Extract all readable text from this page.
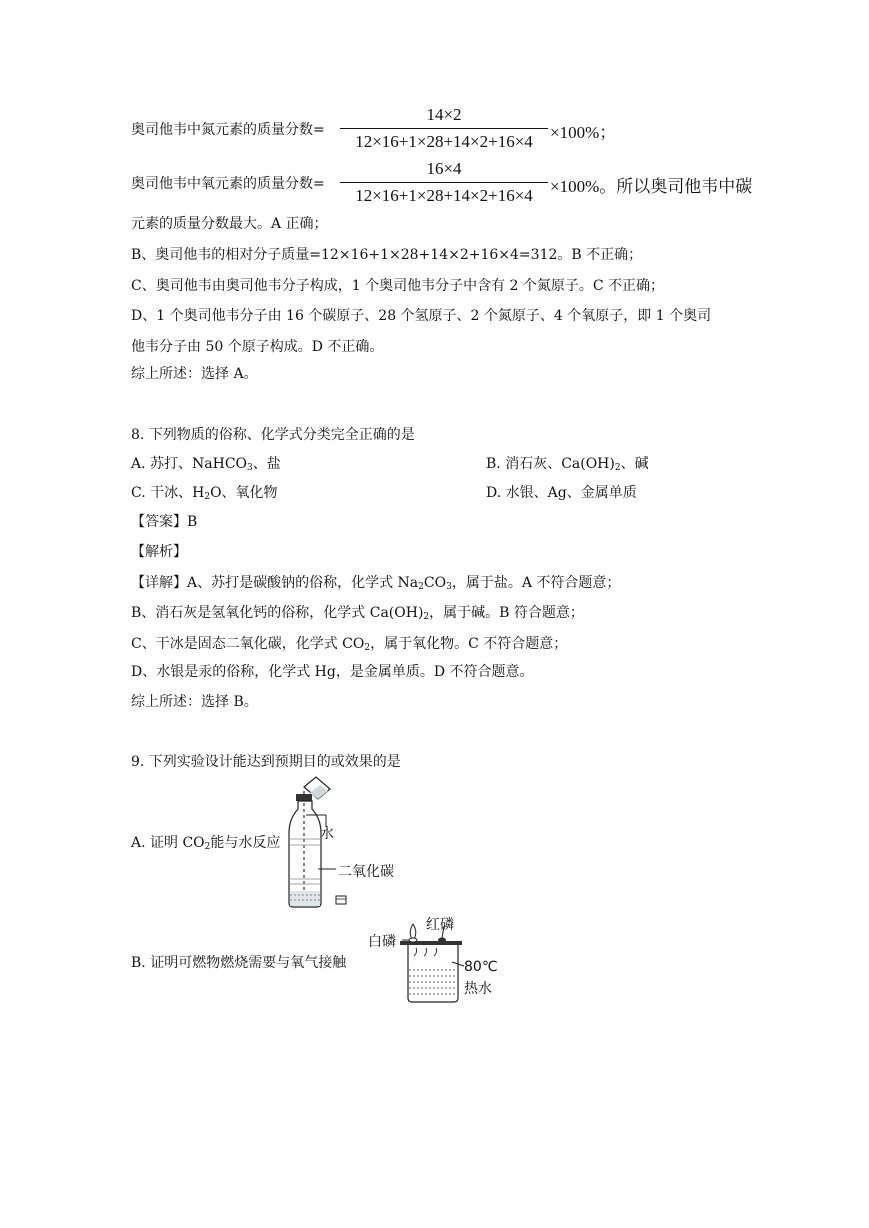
奥司他韦中氮元素的质量分数=
14×2
12×16+1×28+14×2+16×4	×100%；
奥司他韦中氧元素的质量分数=
16×4
12×16+1×28+14×2+16×4	×100%。所以奥司他韦中碳
元素的质量分数最大。A 正确；
B、奥司他韦的相对分子质量=12×16+1×28+14×2+16×4=312。B 不正确；
C、奥司他韦由奥司他韦分子构成，1 个奥司他韦分子中含有 2 个氮原子。C 不正确；
D、1 个奥司他韦分子由 16 个碳原子、28 个氢原子、2 个氮原子、4 个氧原子，即 1 个奥司
他韦分子由 50 个原子构成。D 不正确。
综上所述：选择 A。
8. 下列物质的俗称、化学式分类完全正确的是
A. 苏打、NaHCO$_3$、盐	B. 消石灰、$Ca(OH)_2$、碱
C. 干冰、$H_2O$、氧化物	D. 水银、Ag、金属单质
【答案】B
【解析】
【详解】A、苏打是碳酸钠的俗称，化学式 $Na_2CO_3$，属于盐。A 不符合题意；
B、消石灰是氢氧化钙的俗称，化学式 $Ca(OH)_2$，属于碱。B 符合题意；
C、干冰是固态二氧化碳，化学式 $CO_2$，属于氧化物。C 不符合题意；
D、水银是汞的俗称，化学式 Hg，是金属单质。D 不符合题意。
综上所述：选择 B。
9. 下列实验设计能达到预期目的或效果的是
A. 证明 $CO_2$能与水反应
水
二氧化碳
B. 证明可燃物燃烧需要与氧气接触
白磷
红磷
80℃
热水
